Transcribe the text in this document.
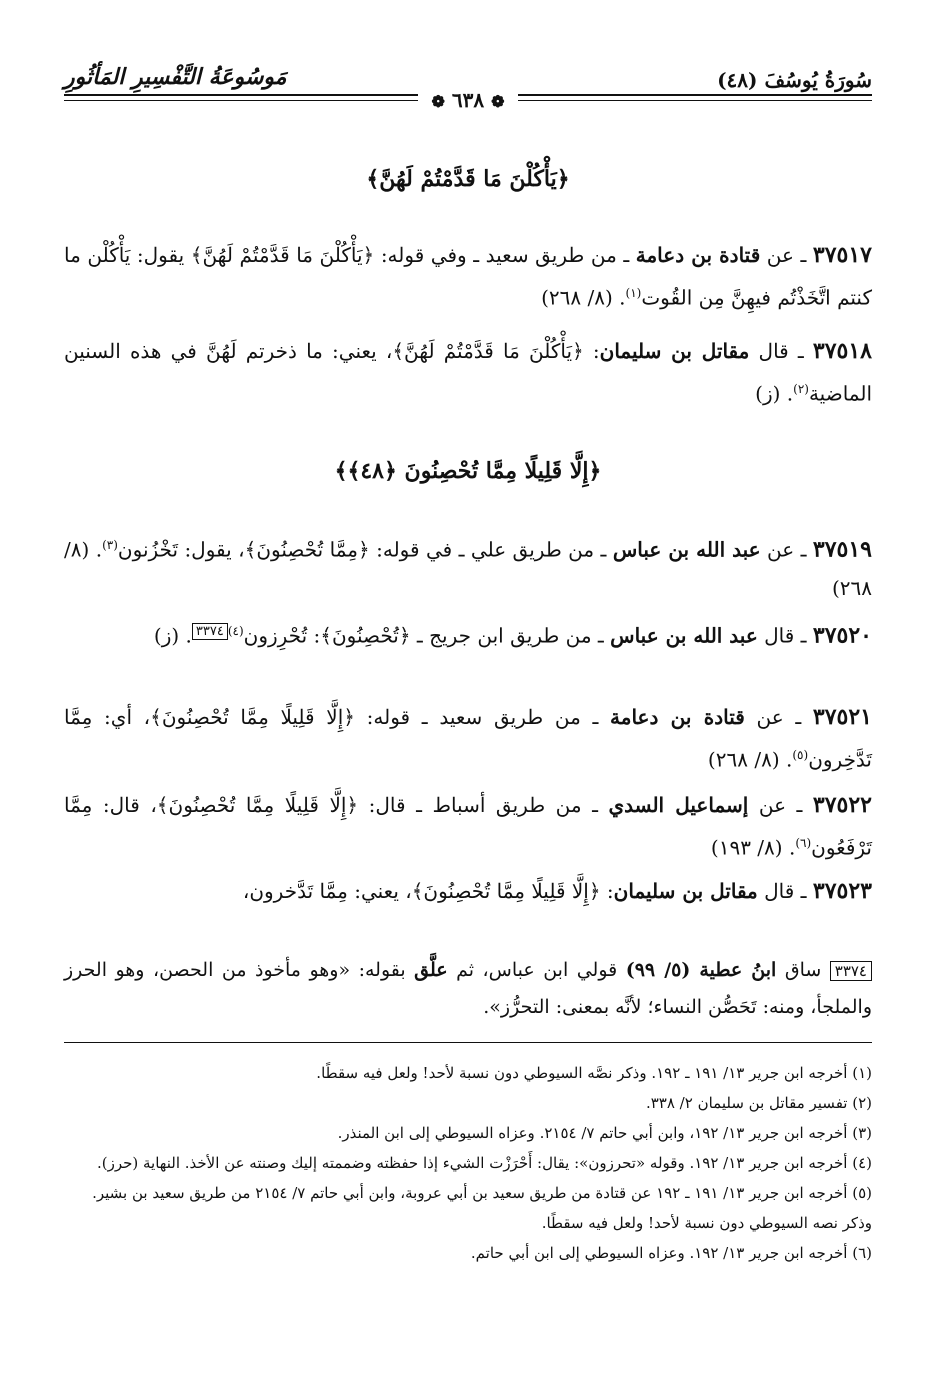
سُورَةُ يُوسُفَ (٤٨)
مَوسُوعَةُ التَّفْسِيرِ المَأثُورِ
❁ ٦٣٨ ❁
﴿يَأْكُلْنَ مَا قَدَّمْتُمْ لَهُنَّ﴾
٣٧٥١٧ ـ عن قتادة بن دعامة ـ من طريق سعيد ـ وفي قوله: ﴿يَأْكُلْنَ مَا قَدَّمْتُمْ لَهُنَّ﴾ يقول: يَأْكُلْن ما كنتم اتَّخَذْتُم فيهِنَّ مِن القُوت$^{(١)}$. (٨/ ٢٦٨)
٣٧٥١٨ ـ قال مقاتل بن سليمان: ﴿يَأْكُلْنَ مَا قَدَّمْتُمْ لَهُنَّ﴾، يعني: ما ذخرتم لَهُنَّ في هذه السنين الماضية$^{(٢)}$. (ز)
﴿إِلَّا قَلِيلًا مِمَّا تُحْصِنُونَ ﴿٤٨﴾﴾
٣٧٥١٩ ـ عن عبد الله بن عباس ـ من طريق علي ـ في قوله: ﴿مِمَّا تُحْصِنُونَ﴾، يقول: تَخْزُنون$^{(٣)}$. (٨/ ٢٦٨)
٣٧٥٢٠ ـ قال عبد الله بن عباس ـ من طريق ابن جريج ـ ﴿تُحْصِنُونَ﴾: تُحْرِزون$^{(٤)٣٣٧٤}$. (ز)
٣٧٥٢١ ـ عن قتادة بن دعامة ـ من طريق سعيد ـ قوله: ﴿إِلَّا قَلِيلًا مِمَّا تُحْصِنُونَ﴾، أي: مِمَّا تَدَّخِرون$^{(٥)}$. (٨/ ٢٦٨)
٣٧٥٢٢ ـ عن إسماعيل السدي ـ من طريق أسباط ـ قال: ﴿إِلَّا قَلِيلًا مِمَّا تُحْصِنُونَ﴾، قال: مِمَّا تَرْفَعُون$^{(٦)}$. (٨/ ١٩٣)
٣٧٥٢٣ ـ قال مقاتل بن سليمان: ﴿إِلَّا قَلِيلًا مِمَّا تُحْصِنُونَ﴾، يعني: مِمَّا تَدَّخرون،
٣٣٧٤ ساق ابنُ عطية (٥/ ٩٩) قولي ابن عباس، ثم علَّق بقوله: «وهو مأخوذ من الحصن، وهو الحرز والملجأ، ومنه: تَحَصُّن النساء؛ لأنَّه بمعنى: التحرُّز».

(١) أخرجه ابن جرير ١٣/ ١٩١ ـ ١٩٢. وذكر نصَّه السيوطي دون نسبة لأحد! ولعل فيه سقطًا.

(٢) تفسير مقاتل بن سليمان ٢/ ٣٣٨.

(٣) أخرجه ابن جرير ١٣/ ١٩٢، وابن أبي حاتم ٧/ ٢١٥٤. وعزاه السيوطي إلى ابن المنذر.

(٤) أخرجه ابن جرير ١٣/ ١٩٢. وقوله «تحرزون»: يقال: أَحْرَزْت الشيء إذا حفظته وضممته إليك وصنته عن الأخذ. النهاية (حرز).

(٥) أخرجه ابن جرير ١٣/ ١٩١ ـ ١٩٢ عن قتادة من طريق سعيد بن أبي عروبة، وابن أبي حاتم ٧/ ٢١٥٤ من طريق سعيد بن بشير. وذكر نصه السيوطي دون نسبة لأحد! ولعل فيه سقطًا.

(٦) أخرجه ابن جرير ١٣/ ١٩٢. وعزاه السيوطي إلى ابن أبي حاتم.
